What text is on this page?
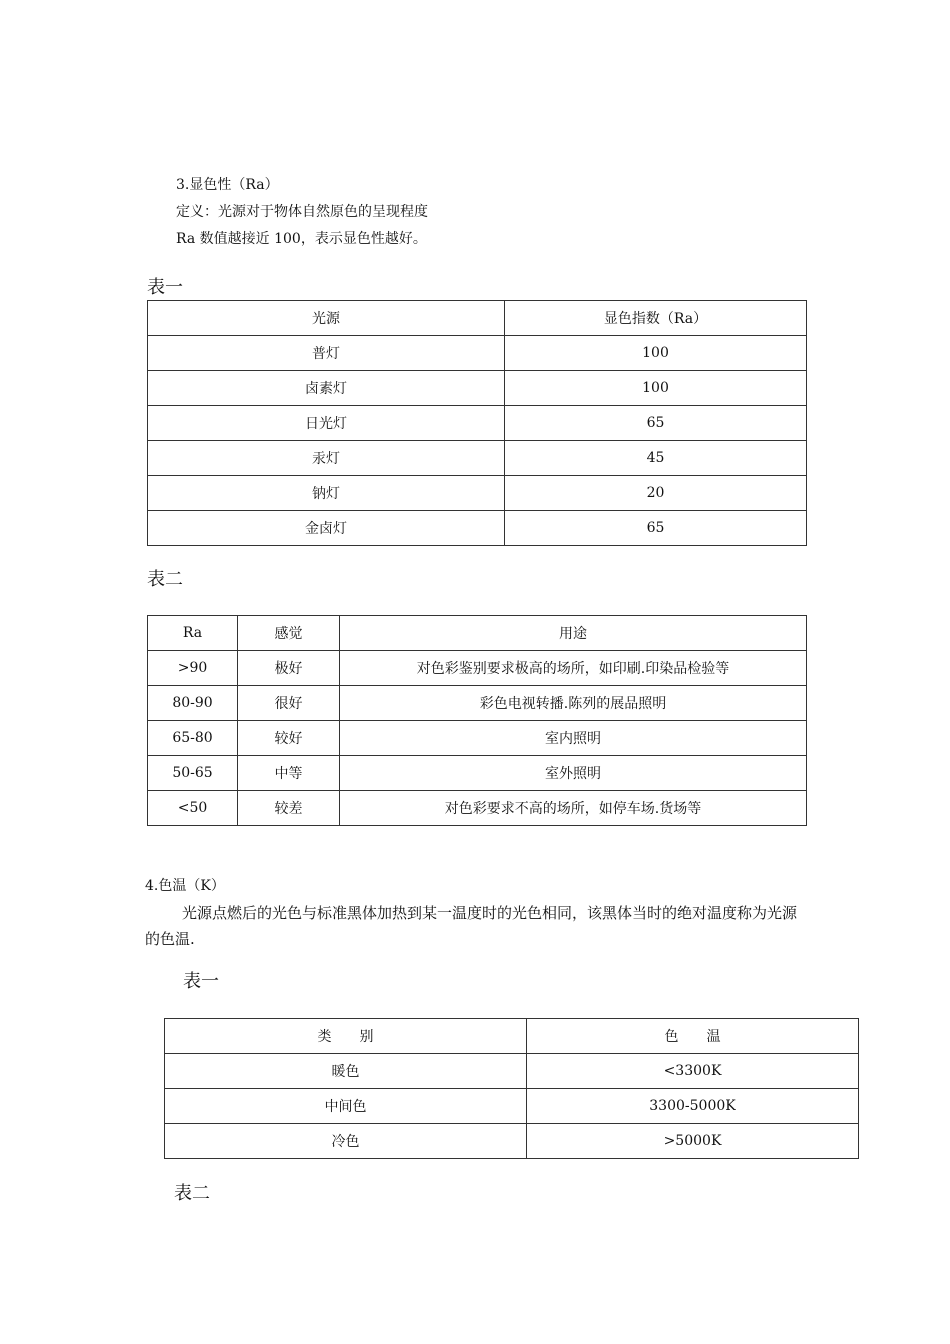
3.显色性（Ra）
定义：光源对于物体自然原色的呈现程度
Ra 数值越接近 100，表示显色性越好。
表一
光源	显色指数（Ra）
普灯	100
卤素灯	100
日光灯	65
汞灯	45
钠灯	20
金卤灯	65
表二
Ra	感觉	用途
>90	极好	对色彩鉴别要求极高的场所，如印刷.印染品检验等
80-90	很好	彩色电视转播.陈列的展品照明
65-80	较好	室内照明
50-65	中等	室外照明
<50	较差	对色彩要求不高的场所，如停车场.货场等
4.色温（K）
光源点燃后的光色与标准黑体加热到某一温度时的光色相同，该黑体当时的绝对温度称为光源的色温.
表一
类　　别	色　　温
暖色	<3300K
中间色	3300-5000K
冷色	>5000K
表二
